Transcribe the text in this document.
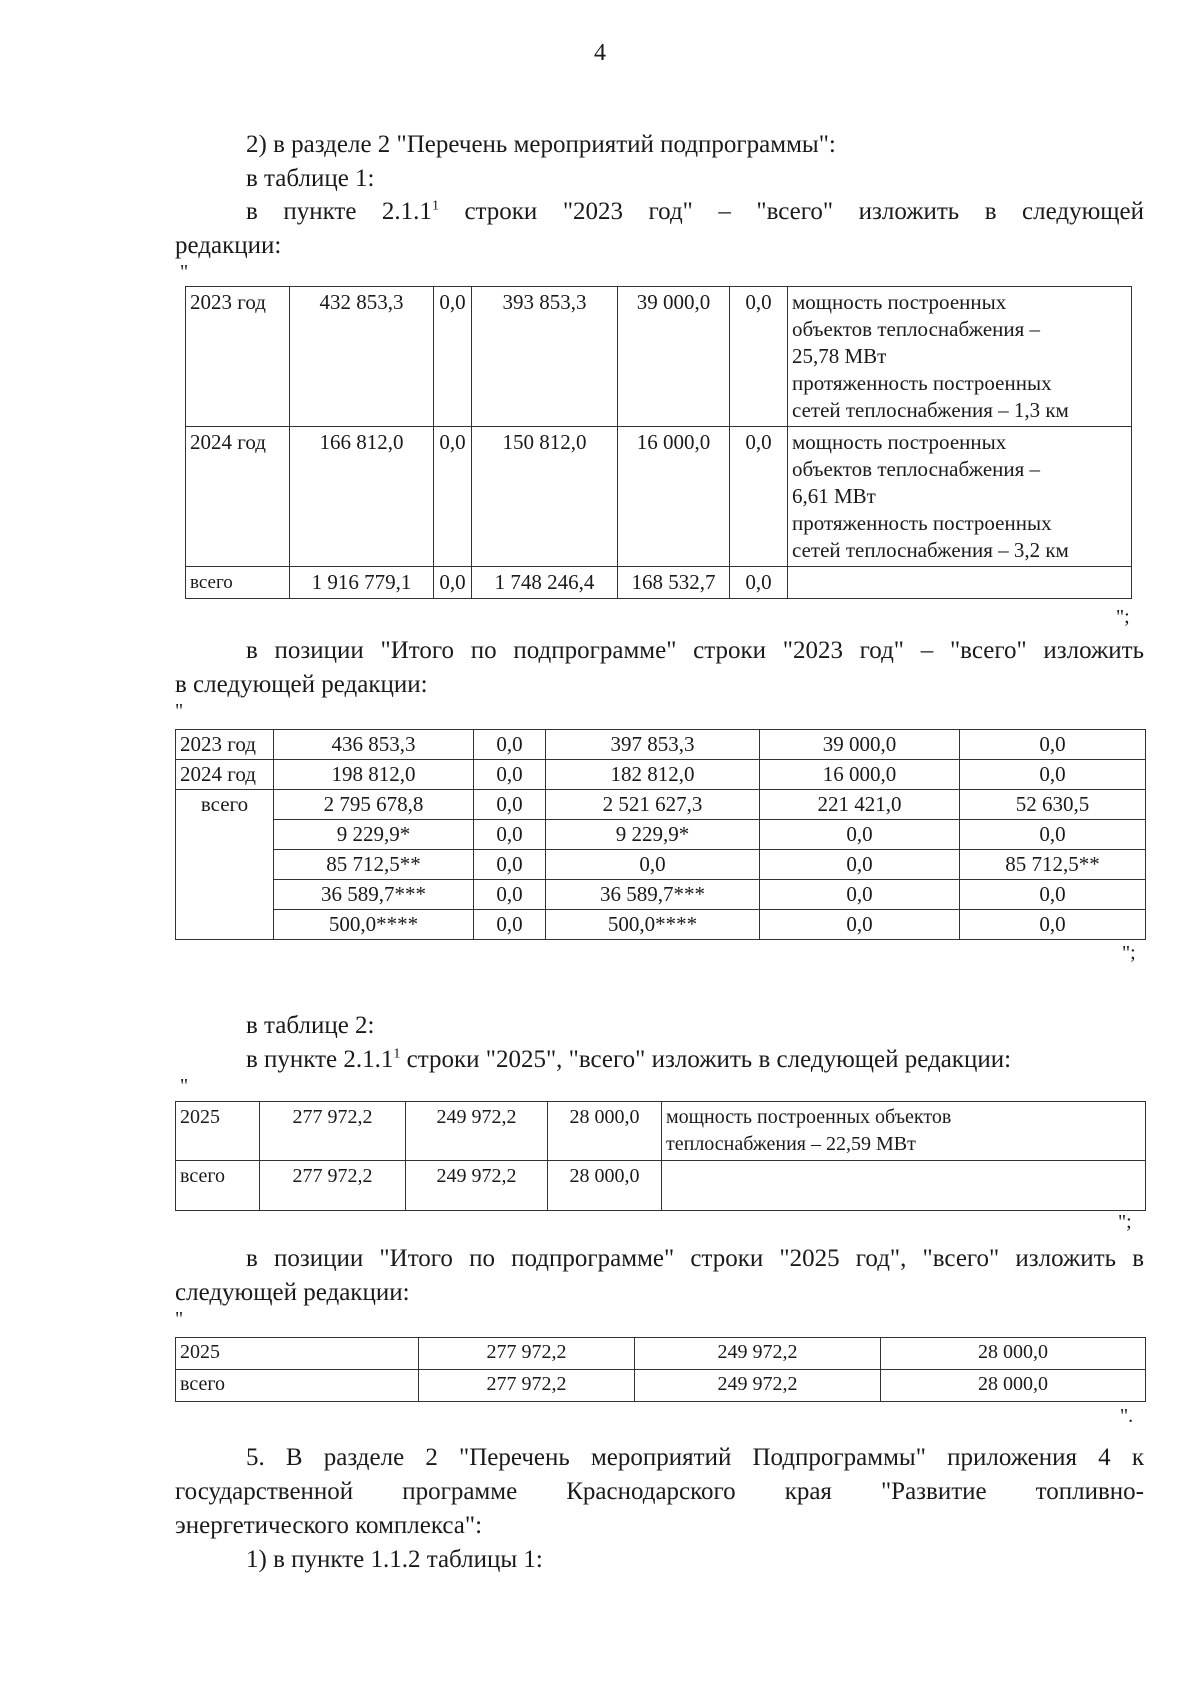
4
2) в разделе 2 "Перечень мероприятий подпрограммы":
в таблице 1:
в пункте 2.1.1$^1$ строки "2023 год" – "всего" изложить в следующей
редакции:
"
2023 год	432 853,3	0,0	393 853,3	39 000,0	0,0	мощность построенных
объектов теплоснабжения –
25,78 МВт
протяженность построенных
сетей теплоснабжения – 1,3 км

2024 год	166 812,0	0,0	150 812,0	16 000,0	0,0	мощность построенных
объектов теплоснабжения –
6,61 МВт
протяженность построенных
сетей теплоснабжения – 3,2 км

всего	1 916 779,1	0,0	1 748 246,4	168 532,7	0,0	
";
в позиции "Итого по подпрограмме" строки "2023 год" – "всего" изложить
в следующей редакции:
"
2023 год	436 853,3	0,0	397 853,3	39 000,0	0,0
2024 год	198 812,0	0,0	182 812,0	16 000,0	0,0
всего	2 795 678,8	0,0	2 521 627,3	221 421,0	52 630,5
	9 229,9*	0,0	9 229,9*	0,0	0,0
	85 712,5**	0,0	0,0	0,0	85 712,5**
	36 589,7***	0,0	36 589,7***	0,0	0,0
	500,0****	0,0	500,0****	0,0	0,0
";
в таблице 2:
в пункте 2.1.1$^1$ строки "2025", "всего" изложить в следующей редакции:
"
2025	277 972,2	249 972,2	28 000,0	мощность построенных объектов
теплоснабжения – 22,59 МВт

всего	277 972,2	249 972,2	28 000,0	
";
в позиции "Итого по подпрограмме" строки "2025 год", "всего" изложить в
следующей редакции:
"
2025	277 972,2	249 972,2	28 000,0
всего	277 972,2	249 972,2	28 000,0
".
5. В разделе 2 "Перечень мероприятий Подпрограммы" приложения 4 к
государственной программе Краснодарского края "Развитие топливно-
энергетического комплекса":
1) в пункте 1.1.2 таблицы 1:
